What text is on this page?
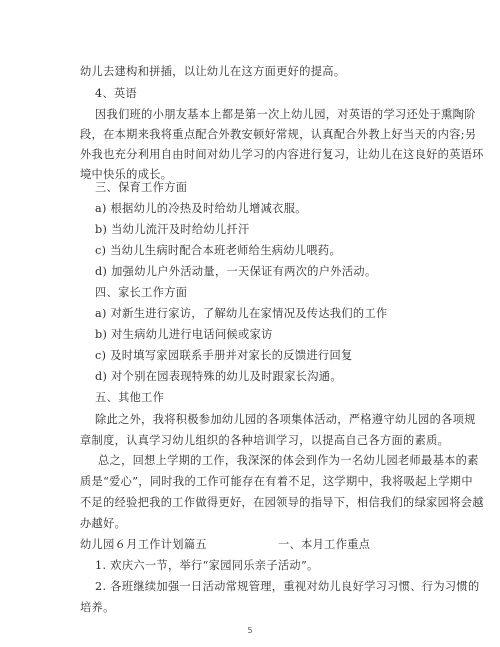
幼儿去建构和拼插，以让幼儿在这方面更好的提高。
4、英语
因我们班的小朋友基本上都是第一次上幼儿园，对英语的学习还处于熏陶阶
段，在本期来我将重点配合外教安顿好常规，认真配合外教上好当天的内容;另
外我也充分利用自由时间对幼儿学习的内容进行复习，让幼儿在这良好的英语环
境中快乐的成长。
三、保育工作方面
a) 根据幼儿的冷热及时给幼儿增减衣服。
b) 当幼儿流汗及时给幼儿扦汗
c) 当幼儿生病时配合本班老师给生病幼儿喂药。
d) 加强幼儿户外活动量，一天保证有两次的户外活动。
四、家长工作方面
a) 对新生进行家访，了解幼儿在家情况及传达我们的工作
b) 对生病幼儿进行电话问候或家访
c) 及时填写家园联系手册并对家长的反馈进行回复
d) 对个别在园表现特殊的幼儿及时跟家长沟通。
五、其他工作
除此之外，我将积极参加幼儿园的各项集体活动，严格遵守幼儿园的各项规
章制度，认真学习幼儿组织的各种培训学习，以提高自己各方面的素质。
总之，回想上学期的工作，我深深的体会到作为一名幼儿园老师最基本的素
质是“爱心”，同时我的工作可能存在有着不足，这学期中，我将吸起上学期中
不足的经验把我的工作做得更好，在园领导的指导下，相信我们的绿家园将会越
办越好。
幼儿园６月工作计划篇五	一、本月工作重点
1. 欢庆六一节，举行“家园同乐亲子活动”。
2. 各班继续加强一日活动常规管理，重视对幼儿良好学习习惯、行为习惯的
培养。
5
